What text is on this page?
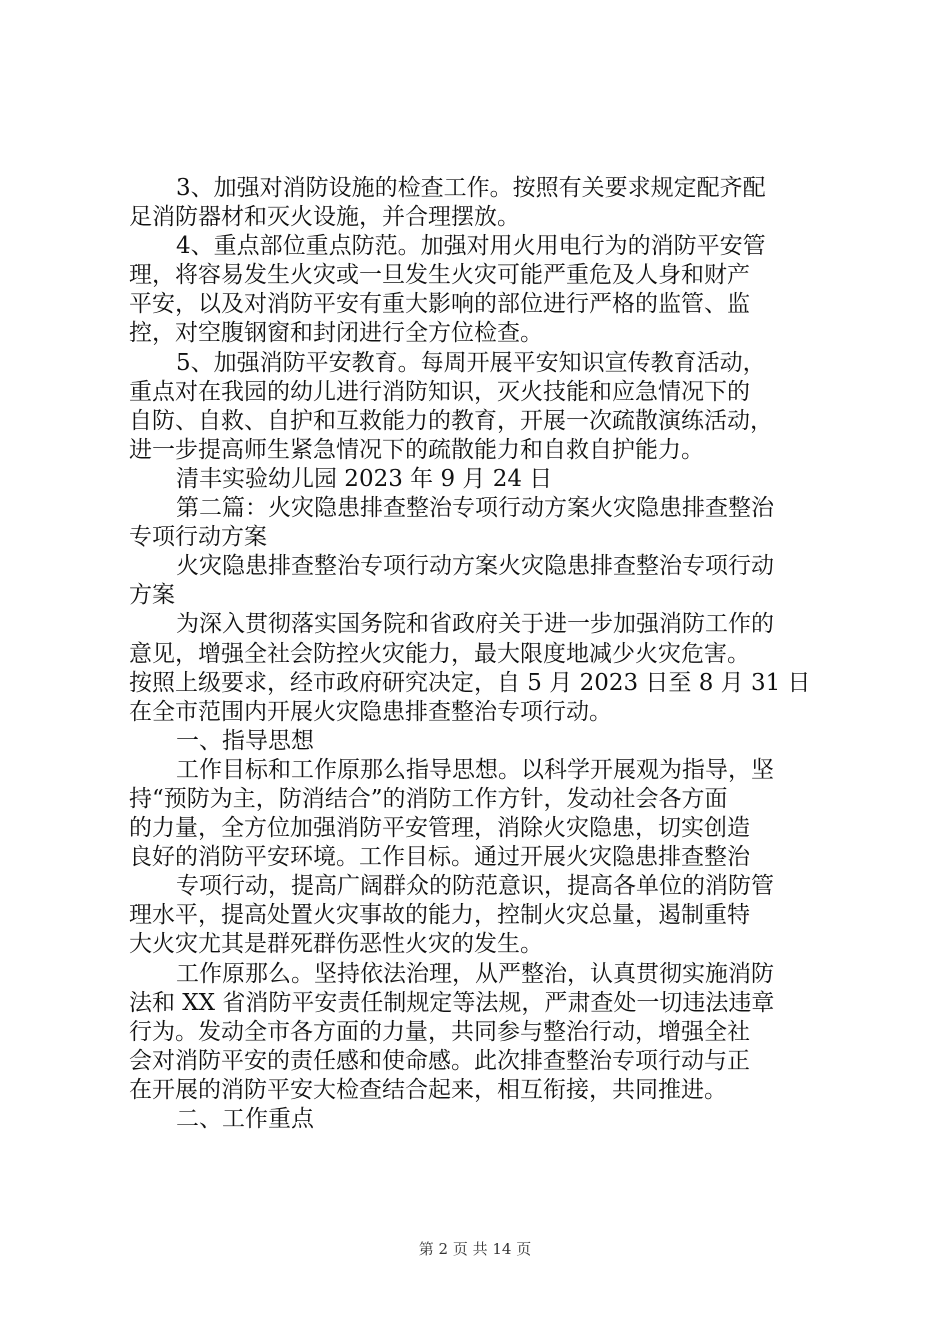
3、加强对消防设施的检查工作。按照有关要求规定配齐配
足消防器材和灭火设施，并合理摆放。
4、重点部位重点防范。加强对用火用电行为的消防平安管
理，将容易发生火灾或一旦发生火灾可能严重危及人身和财产
平安，以及对消防平安有重大影响的部位进行严格的监管、监
控，对空腹钢窗和封闭进行全方位检查。
5、加强消防平安教育。每周开展平安知识宣传教育活动，
重点对在我园的幼儿进行消防知识，灭火技能和应急情况下的
自防、自救、自护和互救能力的教育，开展一次疏散演练活动，
进一步提高师生紧急情况下的疏散能力和自救自护能力。
清丰实验幼儿园 2023 年 9 月 24 日
第二篇：火灾隐患排查整治专项行动方案火灾隐患排查整治
专项行动方案
火灾隐患排查整治专项行动方案火灾隐患排查整治专项行动
方案
为深入贯彻落实国务院和省政府关于进一步加强消防工作的
意见，增强全社会防控火灾能力，最大限度地减少火灾危害。
按照上级要求，经市政府研究决定，自 5 月 2023 日至 8 月 31 日
在全市范围内开展火灾隐患排查整治专项行动。
一、指导思想
工作目标和工作原那么指导思想。以科学开展观为指导，坚
持“预防为主，防消结合”的消防工作方针，发动社会各方面
的力量，全方位加强消防平安管理，消除火灾隐患，切实创造
良好的消防平安环境。工作目标。通过开展火灾隐患排查整治
专项行动，提高广阔群众的防范意识，提高各单位的消防管
理水平，提高处置火灾事故的能力，控制火灾总量，遏制重特
大火灾尤其是群死群伤恶性火灾的发生。
工作原那么。坚持依法治理，从严整治，认真贯彻实施消防
法和 XX 省消防平安责任制规定等法规，严肃查处一切违法违章
行为。发动全市各方面的力量，共同参与整治行动，增强全社
会对消防平安的责任感和使命感。此次排查整治专项行动与正
在开展的消防平安大检查结合起来，相互衔接，共同推进。
二、工作重点
第 2 页 共 14 页
